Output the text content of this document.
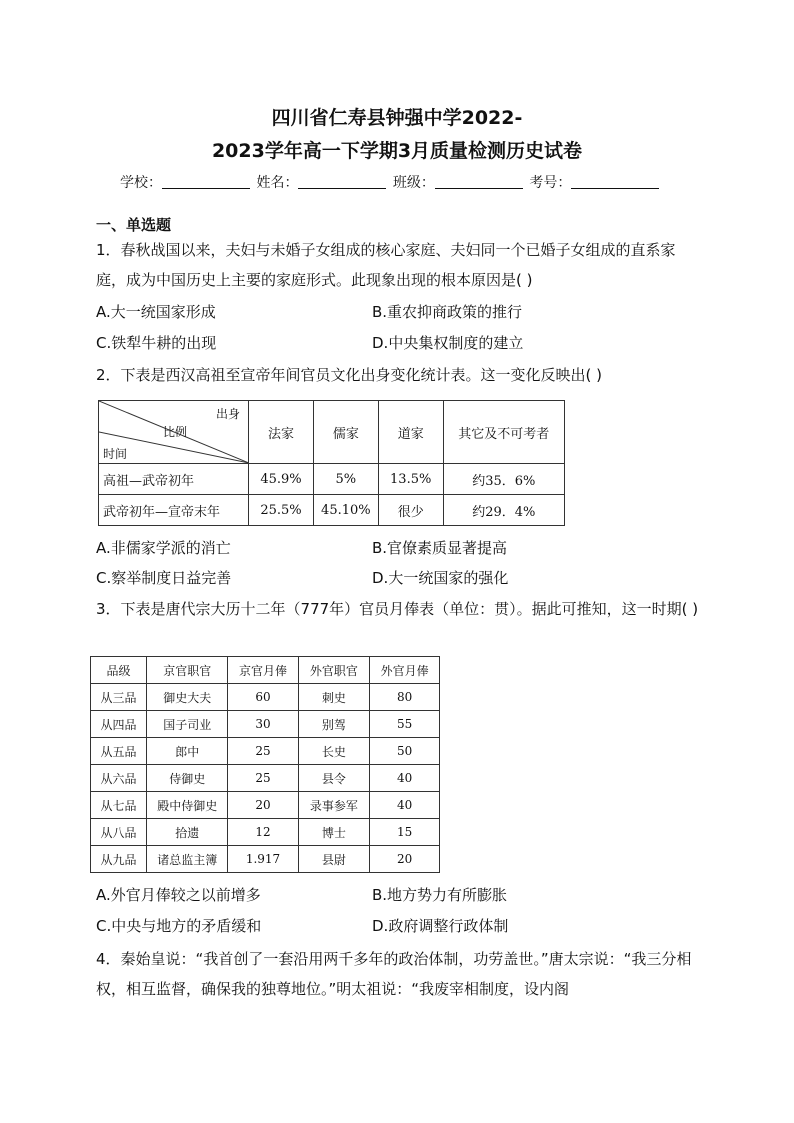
四川省仁寿县钟强中学2022-
2023学年高一下学期3月质量检测历史试卷
学校：	姓名：	班级：	考号：
一、单选题
1．春秋战国以来，夫妇与未婚子女组成的核心家庭、夫妇同一个已婚子女组成的直系家庭，成为中国历史上主要的家庭形式。此现象出现的根本原因是( )
A.大一统国家形成	B.重农抑商政策的推行
C.铁犁牛耕的出现	D.中央集权制度的建立
2．下表是西汉高祖至宣帝年间官员文化出身变化统计表。这一变化反映出( )
出身
比例
时间	法家	儒家	道家	其它及不可考者
高祖—武帝初年	45.9%	5%	13.5%	约35．6%
武帝初年—宣帝末年	25.5%	45.10%	很少	约29．4%
A.非儒家学派的消亡	B.官僚素质显著提高
C.察举制度日益完善	D.大一统国家的强化
3．下表是唐代宗大历十二年（777年）官员月俸表（单位：贯）。据此可推知，这一时期( )
品级	京官职官	京官月俸	外官职官	外官月俸
从三品	御史大夫	60	刺史	80
从四品	国子司业	30	别驾	55
从五品	郎中	25	长史	50
从六品	侍御史	25	县令	40
从七品	殿中侍御史	20	录事参军	40
从八品	拾遗	12	博士	15
从九品	诸总监主簿	1.917	县尉	20
A.外官月俸较之以前增多	B.地方势力有所膨胀
C.中央与地方的矛盾缓和	D.政府调整行政体制
4．秦始皇说：“我首创了一套沿用两千多年的政治体制，功劳盖世。”唐太宗说：“我三分相权，相互监督，确保我的独尊地位。”明太祖说：“我废宰相制度，设内阁
